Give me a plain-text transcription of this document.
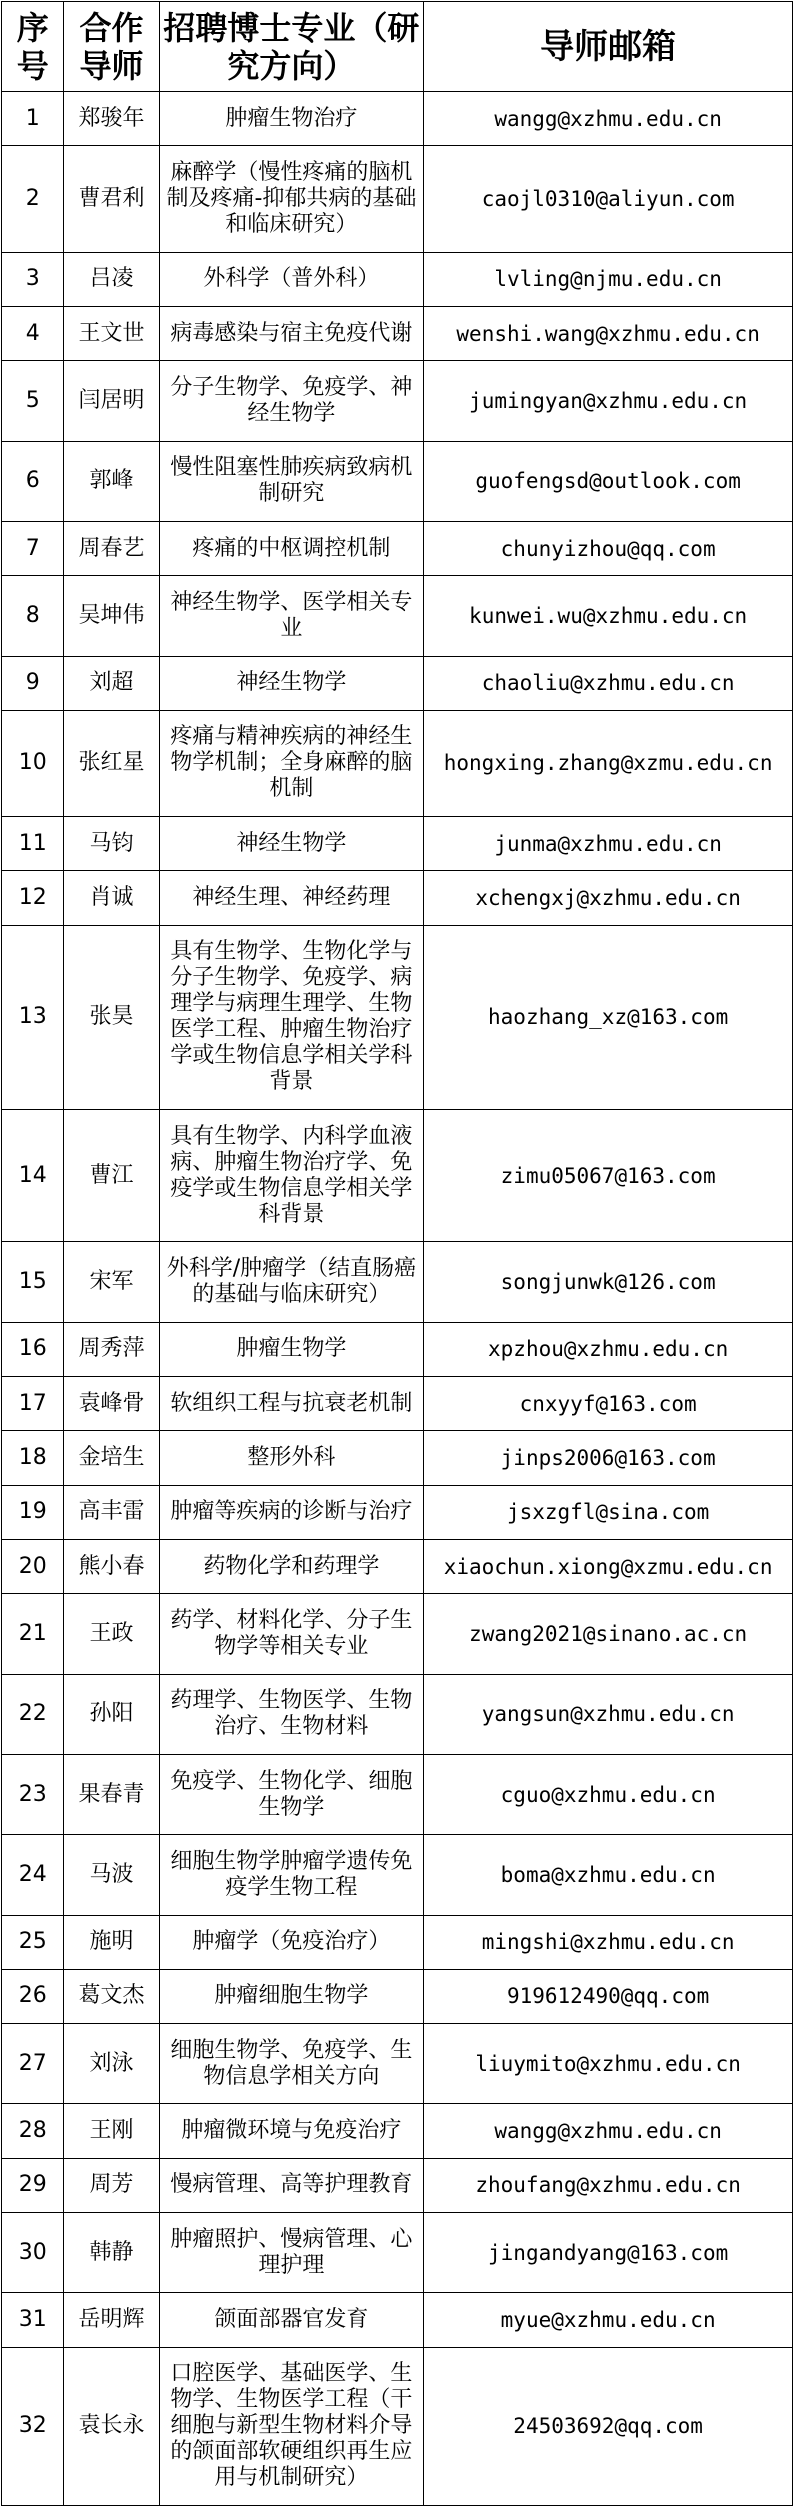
序号	合作导师	招聘博士专业（研究方向）	导师邮箱
1	郑骏年	肿瘤生物治疗	wangg@xzhmu.edu.cn
2	曹君利	麻醉学（慢性疼痛的脑机制及疼痛-抑郁共病的基础和临床研究）	caojl0310@aliyun.com
3	吕凌	外科学（普外科）	lvling@njmu.edu.cn
4	王文世	病毒感染与宿主免疫代谢	wenshi.wang@xzhmu.edu.cn
5	闫居明	分子生物学、免疫学、神经生物学	jumingyan@xzhmu.edu.cn
6	郭峰	慢性阻塞性肺疾病致病机制研究	guofengsd@outlook.com
7	周春艺	疼痛的中枢调控机制	chunyizhou@qq.com
8	吴坤伟	神经生物学、医学相关专业	kunwei.wu@xzhmu.edu.cn
9	刘超	神经生物学	chaoliu@xzhmu.edu.cn
10	张红星	疼痛与精神疾病的神经生物学机制；全身麻醉的脑机制	hongxing.zhang@xzmu.edu.cn
11	马钧	神经生物学	junma@xzhmu.edu.cn
12	肖诚	神经生理、神经药理	xchengxj@xzhmu.edu.cn
13	张昊	具有生物学、生物化学与分子生物学、免疫学、病理学与病理生理学、生物医学工程、肿瘤生物治疗学或生物信息学相关学科背景	haozhang_xz@163.com
14	曹江	具有生物学、内科学血液病、肿瘤生物治疗学、免疫学或生物信息学相关学科背景	zimu05067@163.com
15	宋军	外科学/肿瘤学（结直肠癌的基础与临床研究）	songjunwk@126.com
16	周秀萍	肿瘤生物学	xpzhou@xzhmu.edu.cn
17	袁峰骨	软组织工程与抗衰老机制	cnxyyf@163.com
18	金培生	整形外科	jinps2006@163.com
19	高丰雷	肿瘤等疾病的诊断与治疗	jsxzgfl@sina.com
20	熊小春	药物化学和药理学	xiaochun.xiong@xzmu.edu.cn
21	王政	药学、材料化学、分子生物学等相关专业	zwang2021@sinano.ac.cn
22	孙阳	药理学、生物医学、生物治疗、生物材料	yangsun@xzhmu.edu.cn
23	果春青	免疫学、生物化学、细胞生物学	cguo@xzhmu.edu.cn
24	马波	细胞生物学肿瘤学遗传免疫学生物工程	boma@xzhmu.edu.cn
25	施明	肿瘤学（免疫治疗）	mingshi@xzhmu.edu.cn
26	葛文杰	肿瘤细胞生物学	919612490@qq.com
27	刘泳	细胞生物学、免疫学、生物信息学相关方向	liuymito@xzhmu.edu.cn
28	王刚	肿瘤微环境与免疫治疗	wangg@xzhmu.edu.cn
29	周芳	慢病管理、高等护理教育	zhoufang@xzhmu.edu.cn
30	韩静	肿瘤照护、慢病管理、心理护理	jingandyang@163.com
31	岳明辉	颌面部器官发育	myue@xzhmu.edu.cn
32	袁长永	口腔医学、基础医学、生物学、生物医学工程（干细胞与新型生物材料介导的颌面部软硬组织再生应用与机制研究）	24503692@qq.com
